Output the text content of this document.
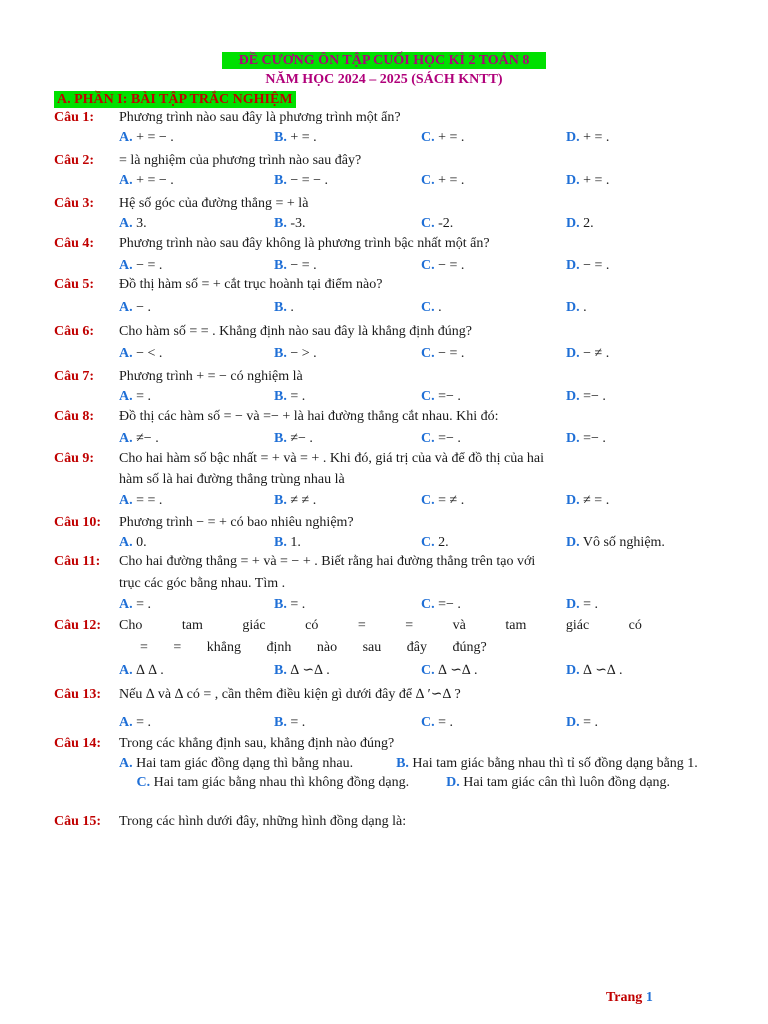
ĐỀ CƯƠNG ÔN TẬP CUỐI HỌC KÌ 2 TOÁN 8
NĂM HỌC 2024 – 2025 (SÁCH KNTT)
A. PHẦN I: BÀI TẬP TRẮC NGHIỆM
Câu 1: Phương trình nào sau đây là phương trình một ẩn?
A. + = − .	B. + = .	C. + = .	D. + = .
Câu 2: = là nghiệm của phương trình nào sau đây?
A. + = − .	B. − = − .	C. + = .	D. + = .
Câu 3: Hệ số góc của đường thẳng = + là
A. 3.	B. -3.	C. -2.	D. 2.
Câu 4: Phương trình nào sau đây không là phương trình bậc nhất một ẩn?
A. − = .	B. − = .	C. − = .	D. − = .
Câu 5: Đồ thị hàm số = + cắt trục hoành tại điểm nào?
A. − .	B. .	C. .	D. .
Câu 6: Cho hàm số = = . Khẳng định nào sau đây là khẳng định đúng?
A. − < .	B. − > .	C. − = .	D. − ≠ .
Câu 7: Phương trình + = − có nghiệm là
A. = .	B. = .	C. =− .	D. =− .
Câu 8: Đồ thị các hàm số = − và =− + là hai đường thẳng cắt nhau. Khi đó:
A. ≠− .	B. ≠− .	C. =− .	D. =− .
Câu 9: Cho hai hàm số bậc nhất = + và = + . Khi đó, giá trị của và để đồ thị của hai
hàm số là hai đường thẳng trùng nhau là
A. = = .	B. ≠ ≠ .	C. = ≠ .	D. ≠ = .
Câu 10: Phương trình − = + có bao nhiêu nghiệm?
A. 0.	B. 1.	C. 2.	D. Vô số nghiệm.
Câu 11: Cho hai đường thẳng = + và = − + . Biết rằng hai đường thẳng trên tạo với
trục các góc bằng nhau. Tìm .
A. = .	B. = .	C. =− .	D. = .
Câu 12: Cho tam giác có = = và tam giác có
= = khẳng định nào sau đây đúng?
A. ∆ ∆ .	B. ∆ ∽∆ .	C. ∆ ∽∆ .	D. ∆ ∽∆ .
Câu 13: Nếu ∆ và ∆ có = , cần thêm điều kiện gì dưới đây để ∆ ′∽∆ ?
A. = .	B. = .	C. = .	D. = .
Câu 14: Trong các khẳng định sau, khẳng định nào đúng?
A. Hai tam giác đồng dạng thì bằng nhau.	B. Hai tam giác bằng nhau thì tỉ số đồng dạng bằng 1.  C. Hai tam giác bằng nhau thì không đồng dạng.	D. Hai tam giác cân thì luôn đồng dạng.
Câu 15: Trong các hình dưới đây, những hình đồng dạng là:
Trang 1
